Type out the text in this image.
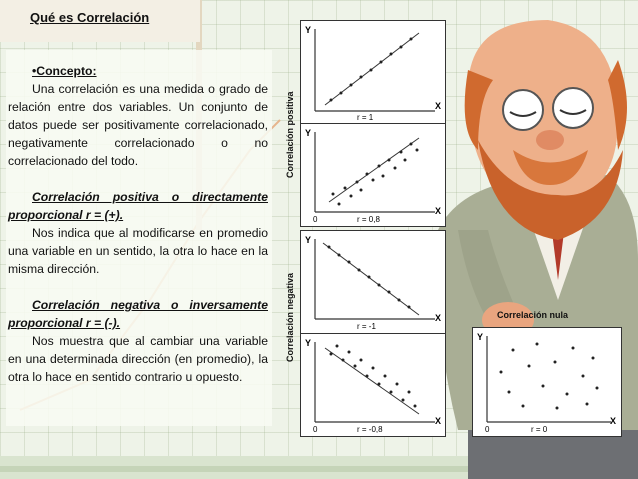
Qué es Correlación

•Concepto:

Una correlación es una medida o grado de relación entre dos variables. Un conjunto de datos puede ser positivamente correlacionado, negativamente correlacionado o no correlacionado del todo.

Correlación positiva o directamente proporcional r = (+).

Nos indica que al modificarse en promedio una variable en un sentido, la otra lo hace en la misma dirección.

Correlación negativa o inversamente proporcional r = (-).

Nos muestra que al cambiar una variable en una determinada dirección (en promedio), la otra lo hace en sentido contrario u opuesto.

Correlación positiva
Correlación negativa
Y
X
r = 1
Y
X
0	r = 0,8
Y
X
r = -1
Y
X
0	r = -0,8
Correlación nula
Y
X
0	r = 0
